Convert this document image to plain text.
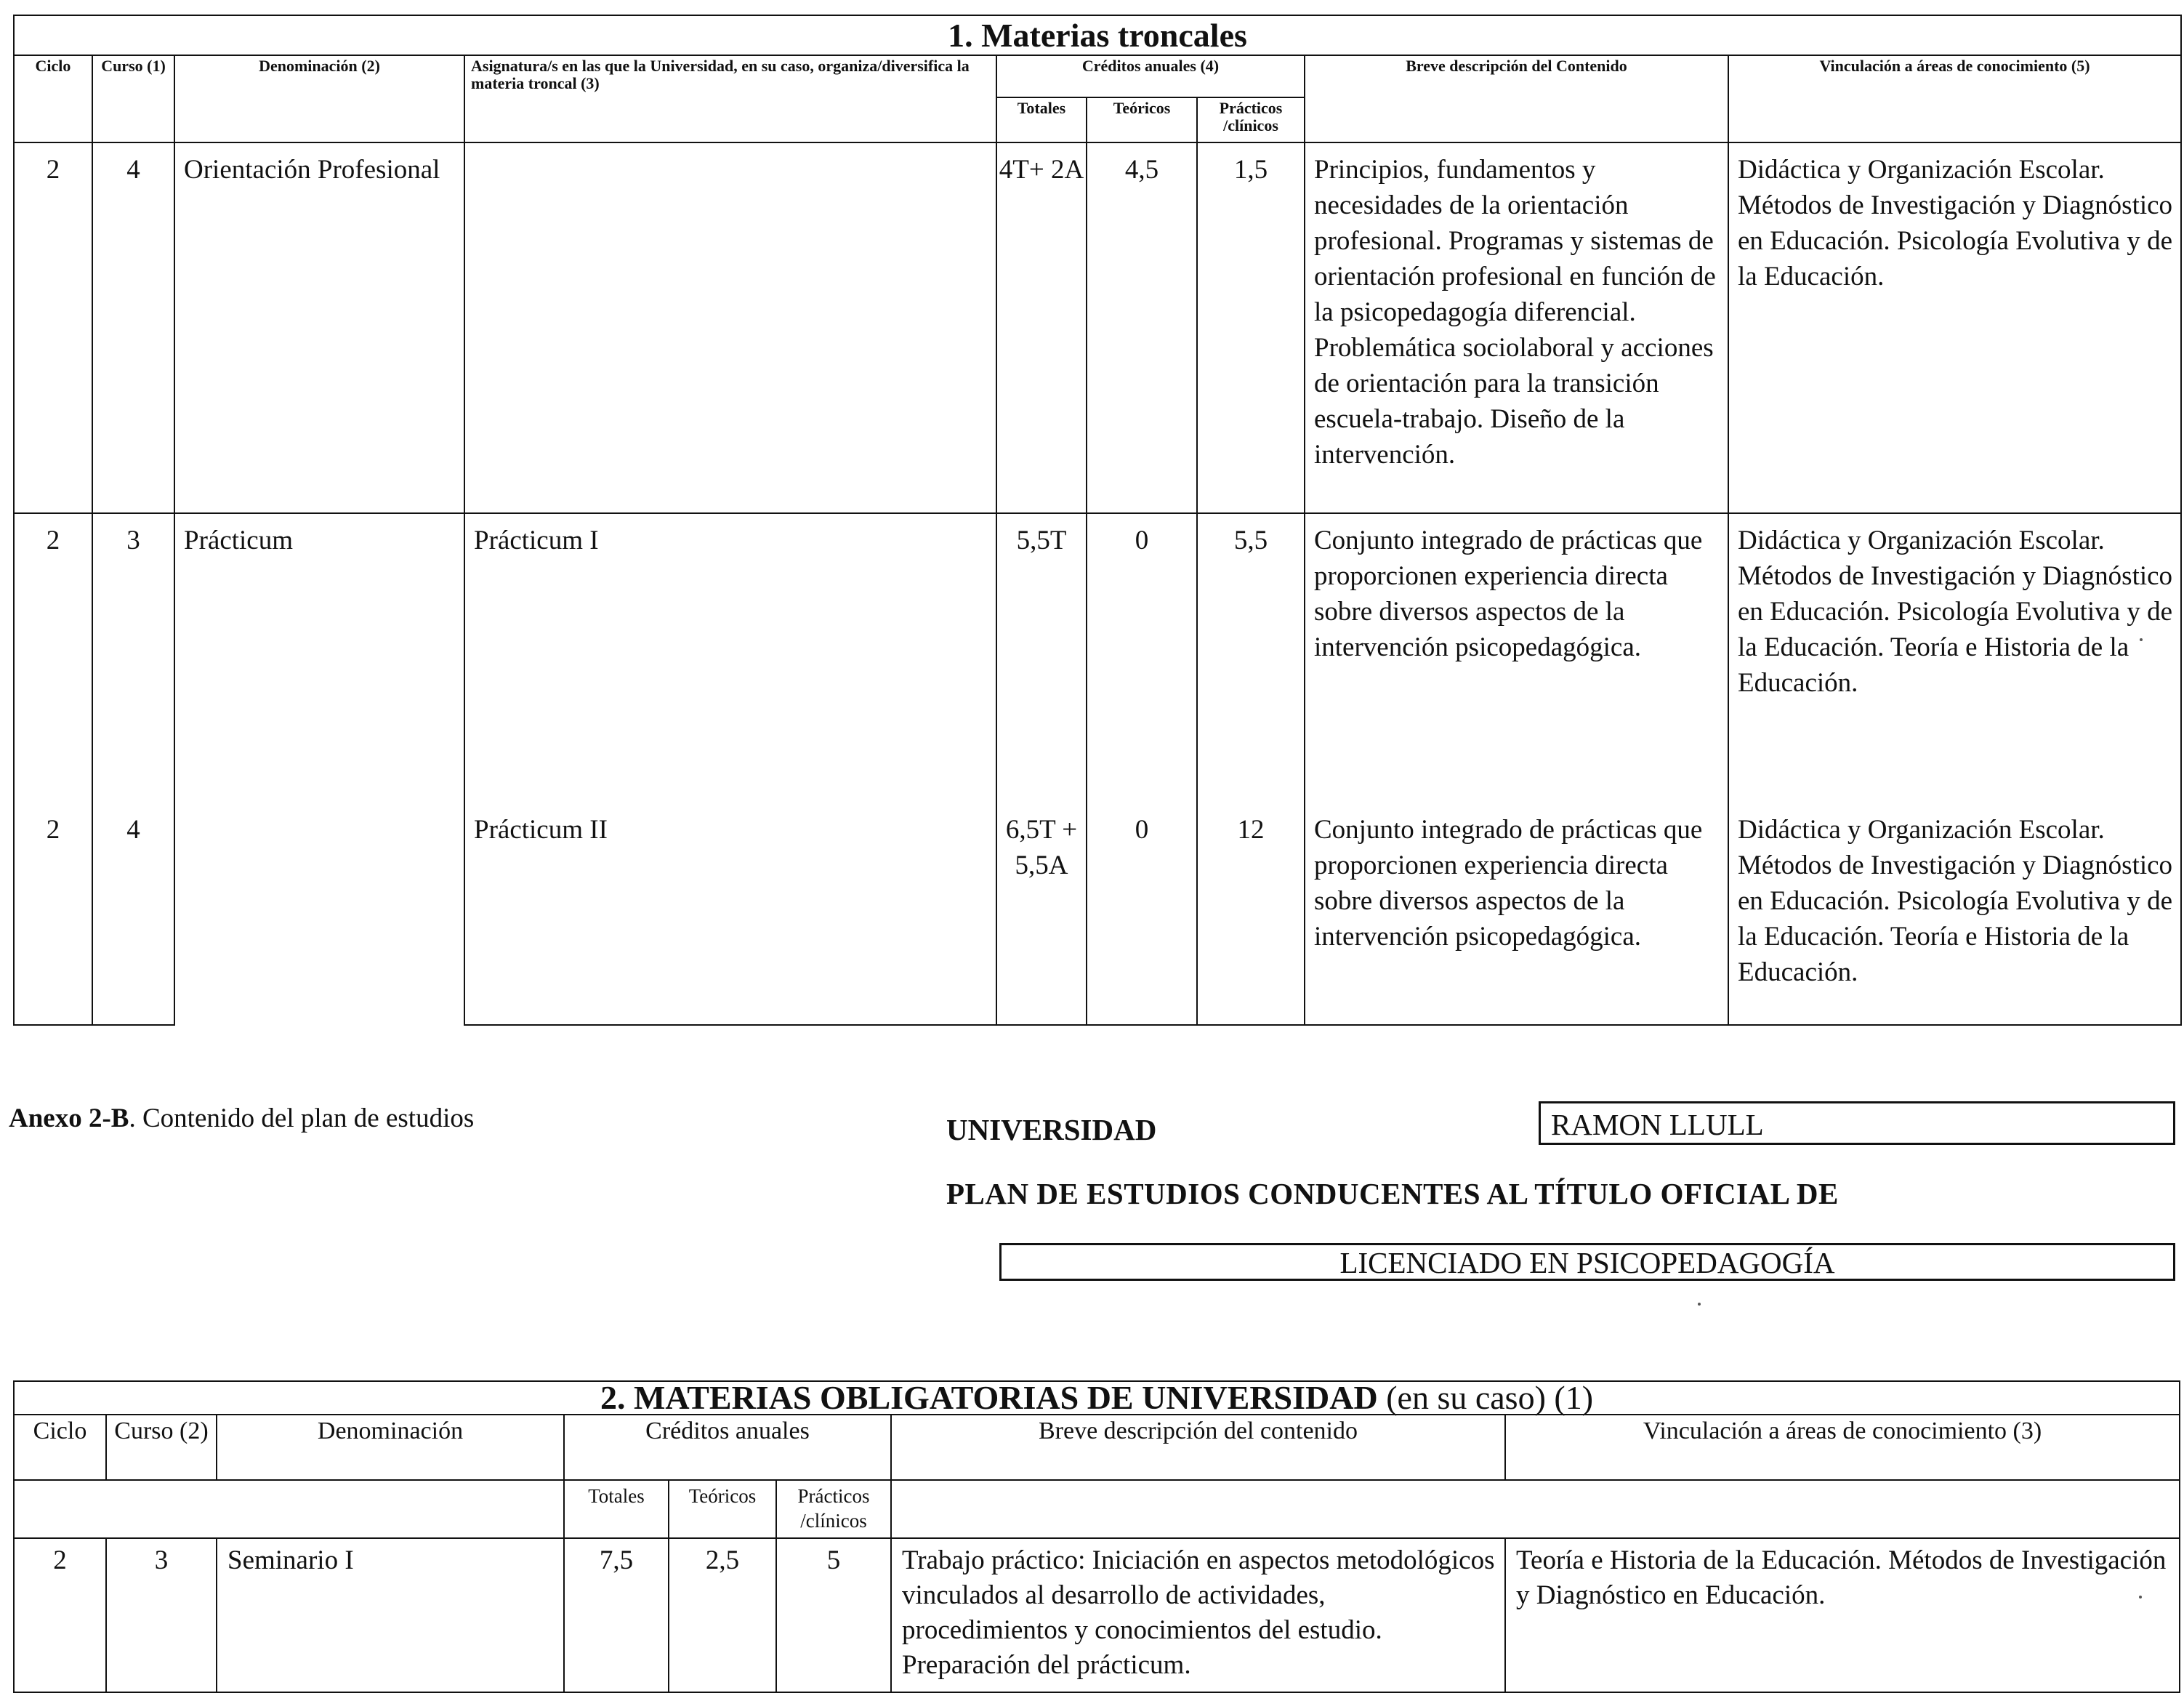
1. Materias troncales								
Ciclo	Curso (1)	Denominación (2)	Asignatura/s en las que la Universidad, en su caso, organiza/diversifica la materia troncal (3)	Créditos anuales (4)			Breve descripción del Contenido	Vinculación a áreas de conocimiento (5)
				Totales	Teóricos	Prácticos /clínicos		
2	4	Orientación Profesional		4T+ 2A	4,5	1,5	Principios, fundamentos y necesidades de la orientación profesional. Programas y sistemas de orientación profesional en función de la psicopedagogía diferencial. Problemática sociolaboral y acciones de orientación para la transición escuela-trabajo. Diseño de la intervención.	Didáctica y Organización Escolar. Métodos de Investigación y Diagnóstico en Educación. Psicología Evolutiva y de la Educación.
2	3	Prácticum	Prácticum I	5,5T	0	5,5	Conjunto integrado de prácticas que proporcionen experiencia directa sobre diversos aspectos de la intervención psicopedagógica.	Didáctica y Organización Escolar. Métodos de Investigación y Diagnóstico en Educación. Psicología Evolutiva y de la Educación. Teoría e Historia de la Educación.
2	4		Prácticum II	6,5T + 5,5A	0	12	Conjunto integrado de prácticas que proporcionen experiencia directa sobre diversos aspectos de la intervención psicopedagógica.	Didáctica y Organización Escolar. Métodos de Investigación y Diagnóstico en Educación. Psicología Evolutiva y de la Educación. Teoría e Historia de la Educación.
Anexo 2-B. Contenido del plan de estudios	UNIVERSIDAD	RAMON LLULL
PLAN DE ESTUDIOS CONDUCENTES AL TÍTULO OFICIAL DE
LICENCIADO EN PSICOPEDAGOGÍA
2. MATERIAS OBLIGATORIAS DE UNIVERSIDAD (en su caso) (1)							
Ciclo	Curso (2)	Denominación	Créditos anuales			Breve descripción del contenido	Vinculación a áreas de conocimiento (3)

			Totales	Teóricos	Prácticos /clínicos		
2	3	Seminario I	7,5	2,5	5	Trabajo práctico: Iniciación en aspectos metodológicos vinculados al desarrollo de actividades, procedimientos y conocimientos del estudio. Preparación del prácticum.	Teoría e Historia de la Educación. Métodos de Investigación y Diagnóstico en Educación.
